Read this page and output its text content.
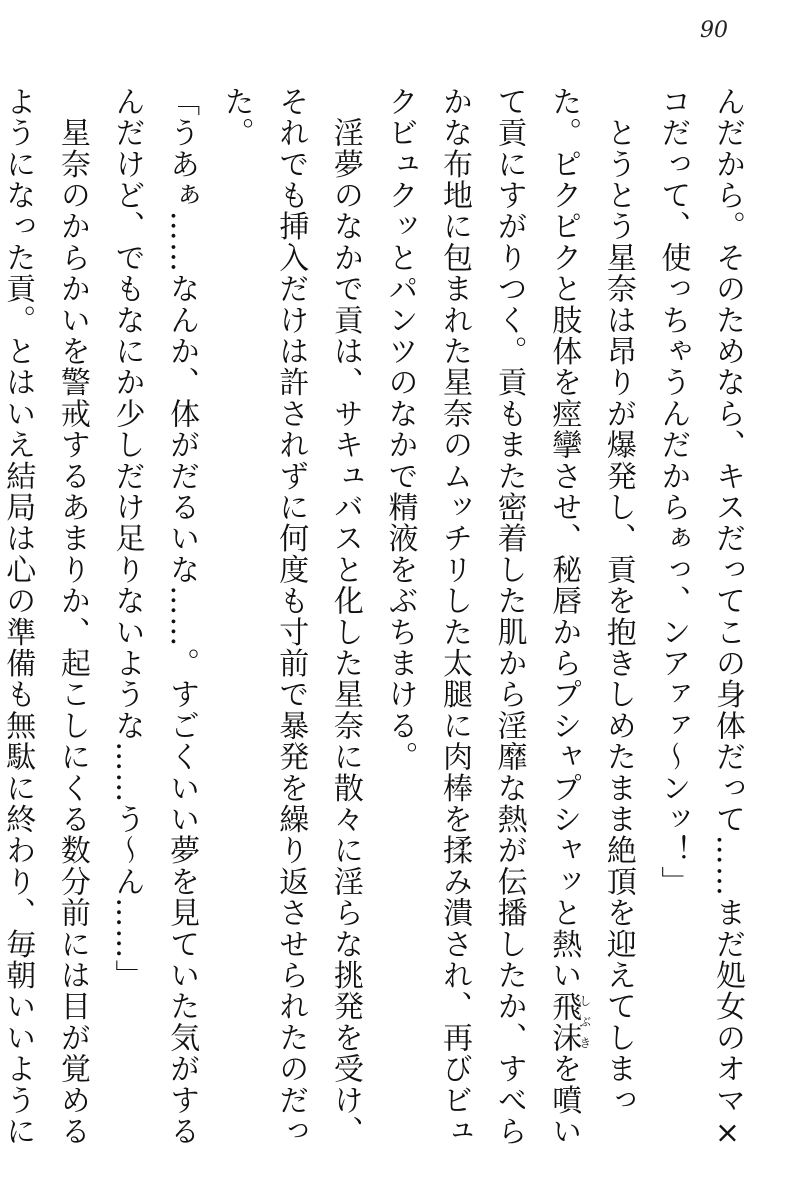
90

んだから。そのためなら、キスだってこの身体だって……まだ処女のオマ×コだって、使っちゃうんだからぁっ、ンアァァ〜ンッ！」

　とうとう星奈は昂りが爆発し、貢を抱きしめたまま絶頂を迎えてしまった。ピクピクと肢体を痙攣させ、秘唇からプシャプシャッと熱い飛沫しぶきを噴いて貢にすがりつく。貢もまた密着した肌から淫靡な熱が伝播したか、すべらかな布地に包まれた星奈のムッチリした太腿に肉棒を揉み潰され、再びビュクビュクッとパンツのなかで精液をぶちまける。

　淫夢のなかで貢は、サキュバスと化した星奈に散々に淫らな挑発を受け、それでも挿入だけは許されずに何度も寸前で暴発を繰り返させられたのだった。

「うあぁ……なんか、体がだるいな……。すごくいい夢を見ていた気がするんだけど、でもなにか少しだけ足りないような……う〜ん……」

　星奈のからかいを警戒するあまりか、起こしにくる数分前には目が覚めるようになった貢。とはいえ結局は心の準備も無駄に終わり、毎朝いいように
